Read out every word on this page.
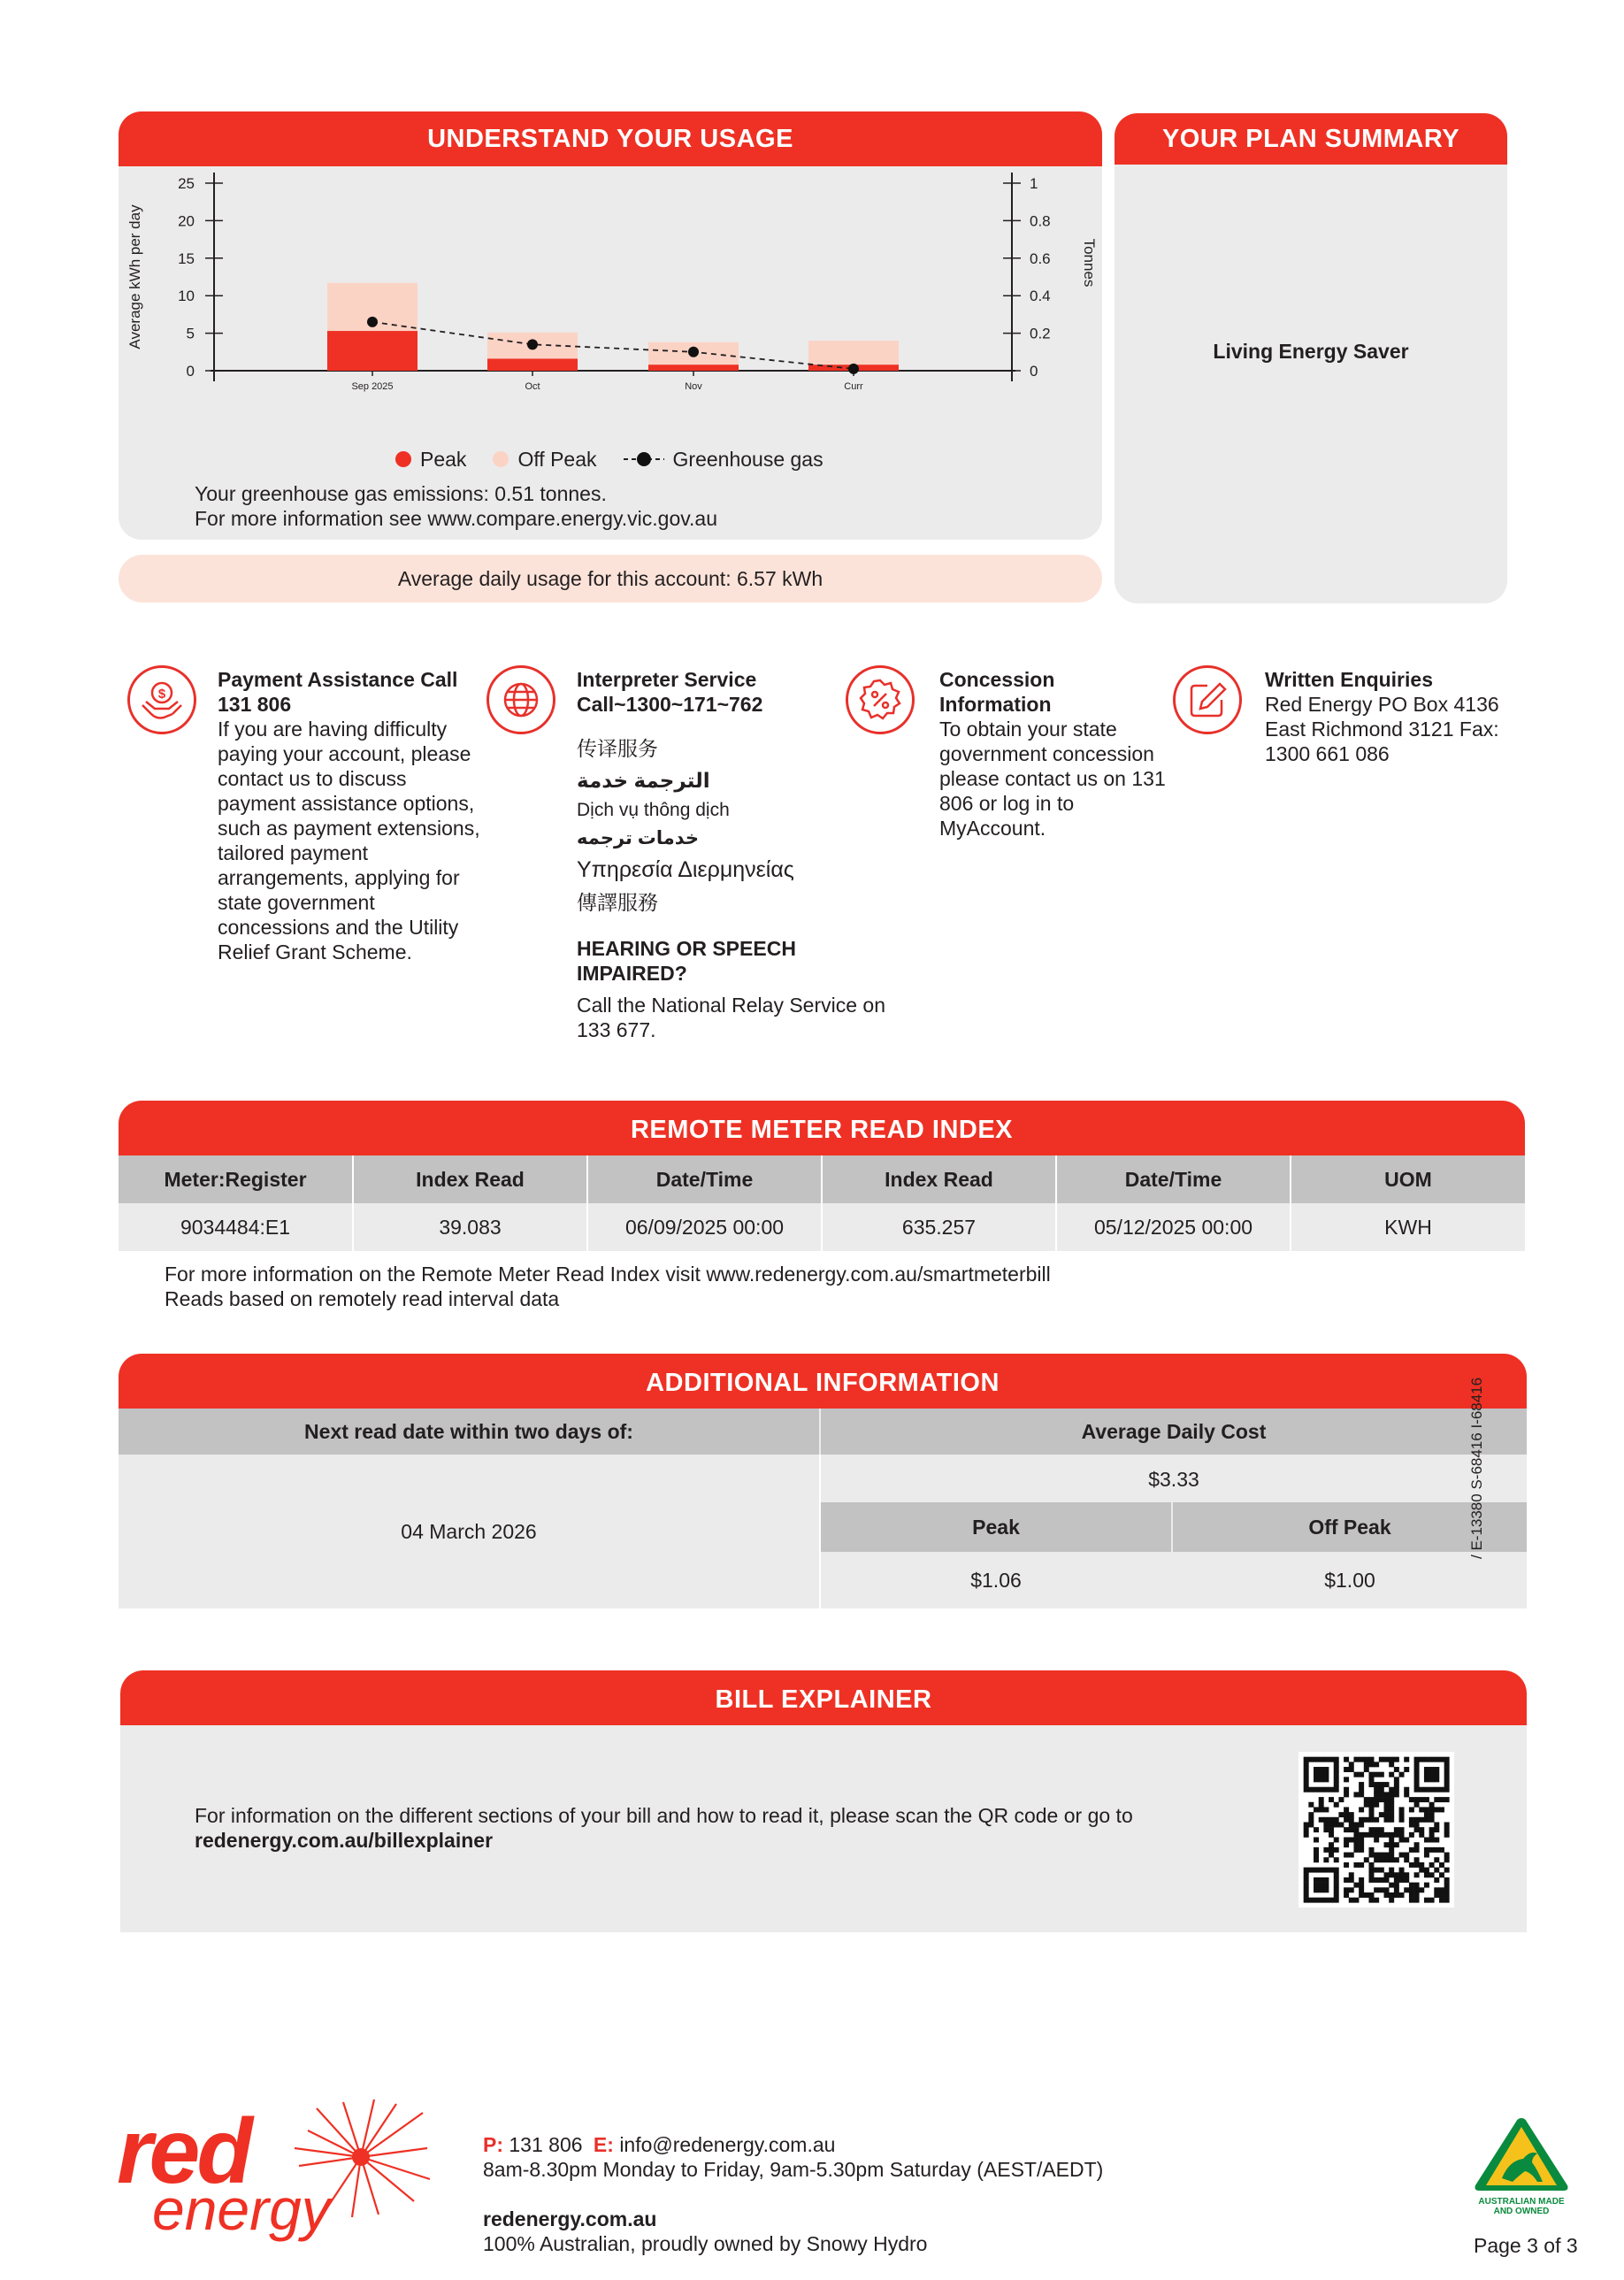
UNDERSTAND YOUR USAGE
0
5
10
15
20
25
0
0.2
0.4
0.6
0.8
1
Average kWh per day	Tonnes
Sep 2025	Oct	Nov	Curr
Peak	Off Peak	Greenhouse gas
Your greenhouse gas emissions: 0.51 tonnes.
For more information see www.compare.energy.vic.gov.au
Average daily usage for this account: 6.57 kWh
YOUR PLAN SUMMARY
Living Energy Saver
$
Payment Assistance Call
131 806
If you are having difficulty paying your account, please contact us to discuss payment assistance options, such as payment extensions, tailored payment arrangements, applying for state government concessions and the Utility Relief Grant Scheme.
Interpreter Service
Call~1300~171~762
传译服务
الترجمة خدمة
Dịch vụ thông dịch
خدمات ترجمه
Υπηρεσία Διερμηνείας
傳譯服務
HEARING OR SPEECH
IMPAIRED?
Call the National Relay Service on 133 677.
Concession
Information
To obtain your state government concession please contact us on 131 806 or log in to MyAccount.
Written Enquiries
Red Energy PO Box 4136 East Richmond 3121 Fax: 1300 661 086
REMOTE METER READ INDEX
Meter:Register	Index Read	Date/Time	Index Read	Date/Time	UOM
9034484:E1	39.083	06/09/2025 00:00	635.257	05/12/2025 00:00	KWH
For more information on the Remote Meter Read Index visit www.redenergy.com.au/smartmeterbill
Reads based on remotely read interval data
ADDITIONAL INFORMATION
Next read date within two days of:	Average Daily Cost
04 March 2026
$3.33
Peak	Off Peak
$1.06	$1.00
BILL EXPLAINER
For information on the different sections of your bill and how to read it, please scan the QR code or go to
redenergy.com.au/billexplainer
/ E-13380 S-68416 I-68416
red
energy
P: 131 806 E: info@redenergy.com.au
8am-8.30pm Monday to Friday, 9am-5.30pm Saturday (AEST/AEDT)
redenergy.com.au
100% Australian, proudly owned by Snowy Hydro
AUSTRALIAN MADE AND OWNED
Page 3 of 3
